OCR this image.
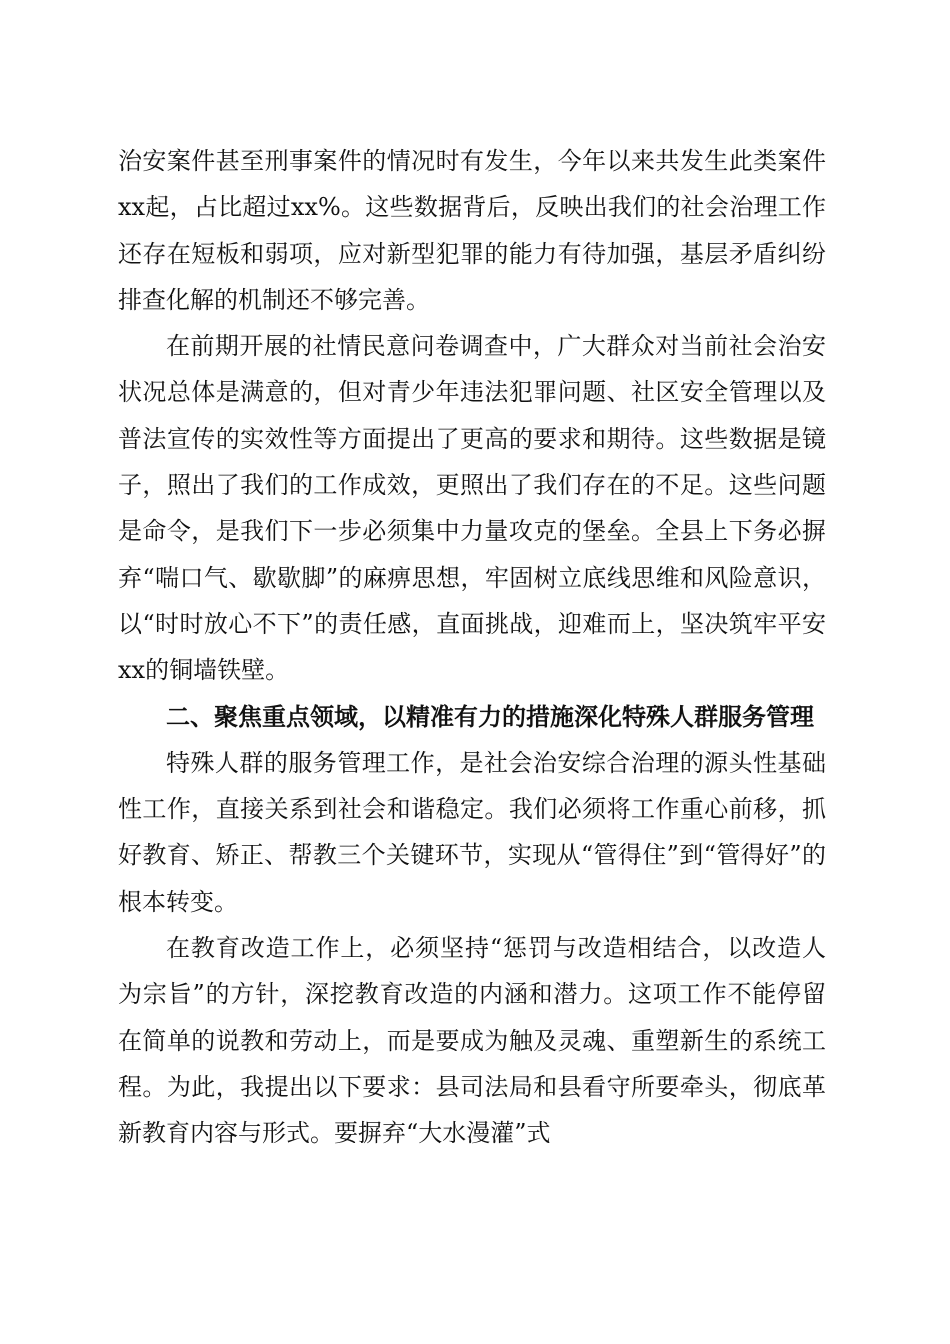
治安案件甚至刑事案件的情况时有发生，今年以来共发生此类案件xx起，占比超过xx%。这些数据背后，反映出我们的社会治理工作还存在短板和弱项，应对新型犯罪的能力有待加强，基层矛盾纠纷排查化解的机制还不够完善。

在前期开展的社情民意问卷调查中，广大群众对当前社会治安状况总体是满意的，但对青少年违法犯罪问题、社区安全管理以及普法宣传的实效性等方面提出了更高的要求和期待。这些数据是镜子，照出了我们的工作成效，更照出了我们存在的不足。这些问题是命令，是我们下一步必须集中力量攻克的堡垒。全县上下务必摒弃“喘口气、歇歇脚”的麻痹思想，牢固树立底线思维和风险意识，以“时时放心不下”的责任感，直面挑战，迎难而上，坚决筑牢平安xx的铜墙铁壁。

二、聚焦重点领域，以精准有力的措施深化特殊人群服务管理

特殊人群的服务管理工作，是社会治安综合治理的源头性基础性工作，直接关系到社会和谐稳定。我们必须将工作重心前移，抓好教育、矫正、帮教三个关键环节，实现从“管得住”到“管得好”的根本转变。

在教育改造工作上，必须坚持“惩罚与改造相结合，以改造人为宗旨”的方针，深挖教育改造的内涵和潜力。这项工作不能停留在简单的说教和劳动上，而是要成为触及灵魂、重塑新生的系统工程。为此，我提出以下要求：县司法局和县看守所要牵头，彻底革新教育内容与形式。要摒弃“大水漫灌”式
